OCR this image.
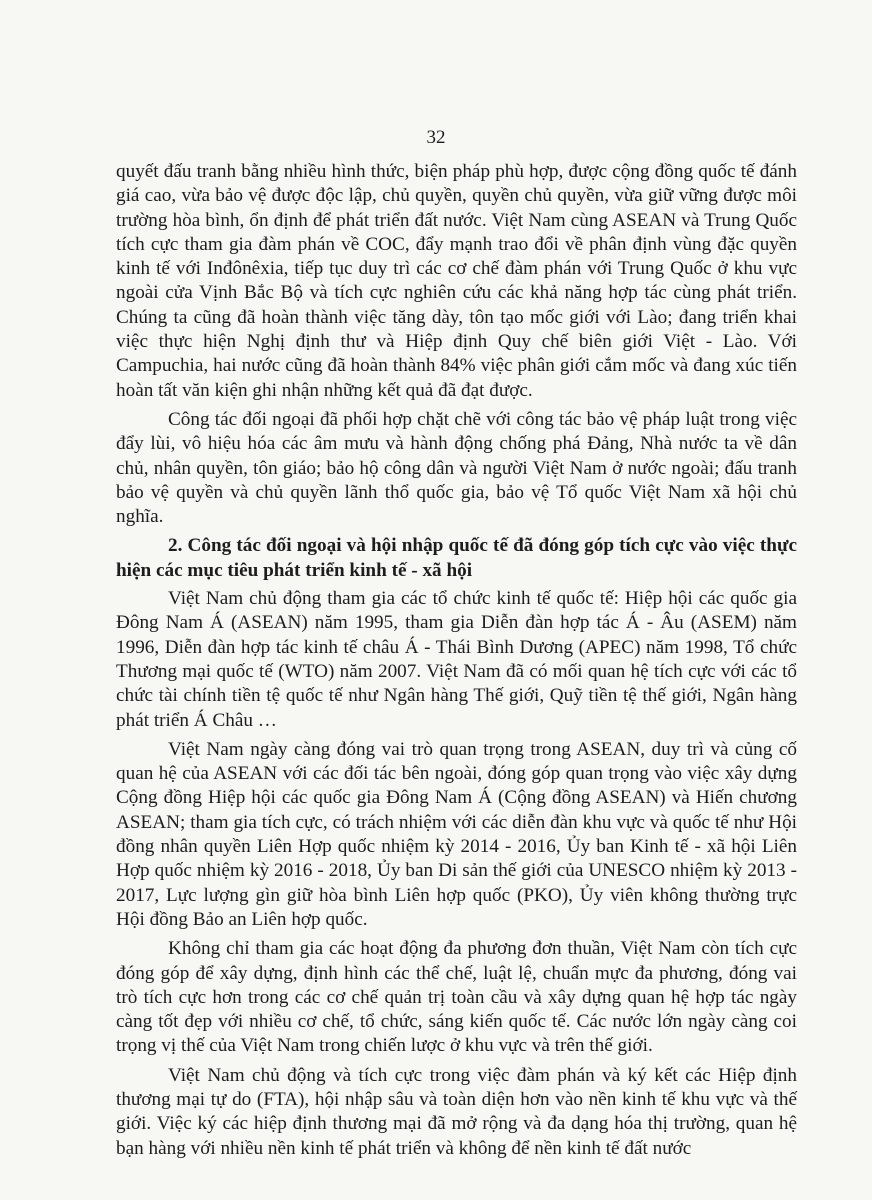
32

quyết đấu tranh bằng nhiều hình thức, biện pháp phù hợp, được cộng đồng quốc tế đánh giá cao, vừa bảo vệ được độc lập, chủ quyền, quyền chủ quyền, vừa giữ vững được môi trường hòa bình, ổn định để phát triển đất nước. Việt Nam cùng ASEAN và Trung Quốc tích cực tham gia đàm phán về COC, đẩy mạnh trao đổi về phân định vùng đặc quyền kinh tế với Inđônêxia, tiếp tục duy trì các cơ chế đàm phán với Trung Quốc ở khu vực ngoài cửa Vịnh Bắc Bộ và tích cực nghiên cứu các khả năng hợp tác cùng phát triển. Chúng ta cũng đã hoàn thành việc tăng dày, tôn tạo mốc giới với Lào; đang triển khai việc thực hiện Nghị định thư và Hiệp định Quy chế biên giới Việt - Lào. Với Campuchia, hai nước cũng đã hoàn thành 84% việc phân giới cắm mốc và đang xúc tiến hoàn tất văn kiện ghi nhận những kết quả đã đạt được.

Công tác đối ngoại đã phối hợp chặt chẽ với công tác bảo vệ pháp luật trong việc đẩy lùi, vô hiệu hóa các âm mưu và hành động chống phá Đảng, Nhà nước ta về dân chủ, nhân quyền, tôn giáo; bảo hộ công dân và người Việt Nam ở nước ngoài; đấu tranh bảo vệ quyền và chủ quyền lãnh thổ quốc gia, bảo vệ Tổ quốc Việt Nam xã hội chủ nghĩa.

2. Công tác đối ngoại và hội nhập quốc tế đã đóng góp tích cực vào việc thực hiện các mục tiêu phát triển kinh tế - xã hội

Việt Nam chủ động tham gia các tổ chức kinh tế quốc tế: Hiệp hội các quốc gia Đông Nam Á (ASEAN) năm 1995, tham gia Diễn đàn hợp tác Á - Âu (ASEM) năm 1996, Diễn đàn hợp tác kinh tế châu Á - Thái Bình Dương (APEC) năm 1998, Tổ chức Thương mại quốc tế (WTO) năm 2007. Việt Nam đã có mối quan hệ tích cực với các tổ chức tài chính tiền tệ quốc tế như Ngân hàng Thế giới, Quỹ tiền tệ thế giới, Ngân hàng phát triển Á Châu …

Việt Nam ngày càng đóng vai trò quan trọng trong ASEAN, duy trì và củng cố quan hệ của ASEAN với các đối tác bên ngoài, đóng góp quan trọng vào việc xây dựng Cộng đồng Hiệp hội các quốc gia Đông Nam Á (Cộng đồng ASEAN) và Hiến chương ASEAN; tham gia tích cực, có trách nhiệm với các diễn đàn khu vực và quốc tế như Hội đồng nhân quyền Liên Hợp quốc nhiệm kỳ 2014 - 2016, Ủy ban Kinh tế - xã hội Liên Hợp quốc nhiệm kỳ 2016 - 2018, Ủy ban Di sản thế giới của UNESCO nhiệm kỳ 2013 - 2017, Lực lượng gìn giữ hòa bình Liên hợp quốc (PKO), Ủy viên không thường trực Hội đồng Bảo an Liên hợp quốc.

Không chỉ tham gia các hoạt động đa phương đơn thuần, Việt Nam còn tích cực đóng góp để xây dựng, định hình các thể chế, luật lệ, chuẩn mực đa phương, đóng vai trò tích cực hơn trong các cơ chế quản trị toàn cầu và xây dựng quan hệ hợp tác ngày càng tốt đẹp với nhiều cơ chế, tổ chức, sáng kiến quốc tế. Các nước lớn ngày càng coi trọng vị thế của Việt Nam trong chiến lược ở khu vực và trên thế giới.

Việt Nam chủ động và tích cực trong việc đàm phán và ký kết các Hiệp định thương mại tự do (FTA), hội nhập sâu và toàn diện hơn vào nền kinh tế khu vực và thế giới. Việc ký các hiệp định thương mại đã mở rộng và đa dạng hóa thị trường, quan hệ bạn hàng với nhiều nền kinh tế phát triển và không để nền kinh tế đất nước
